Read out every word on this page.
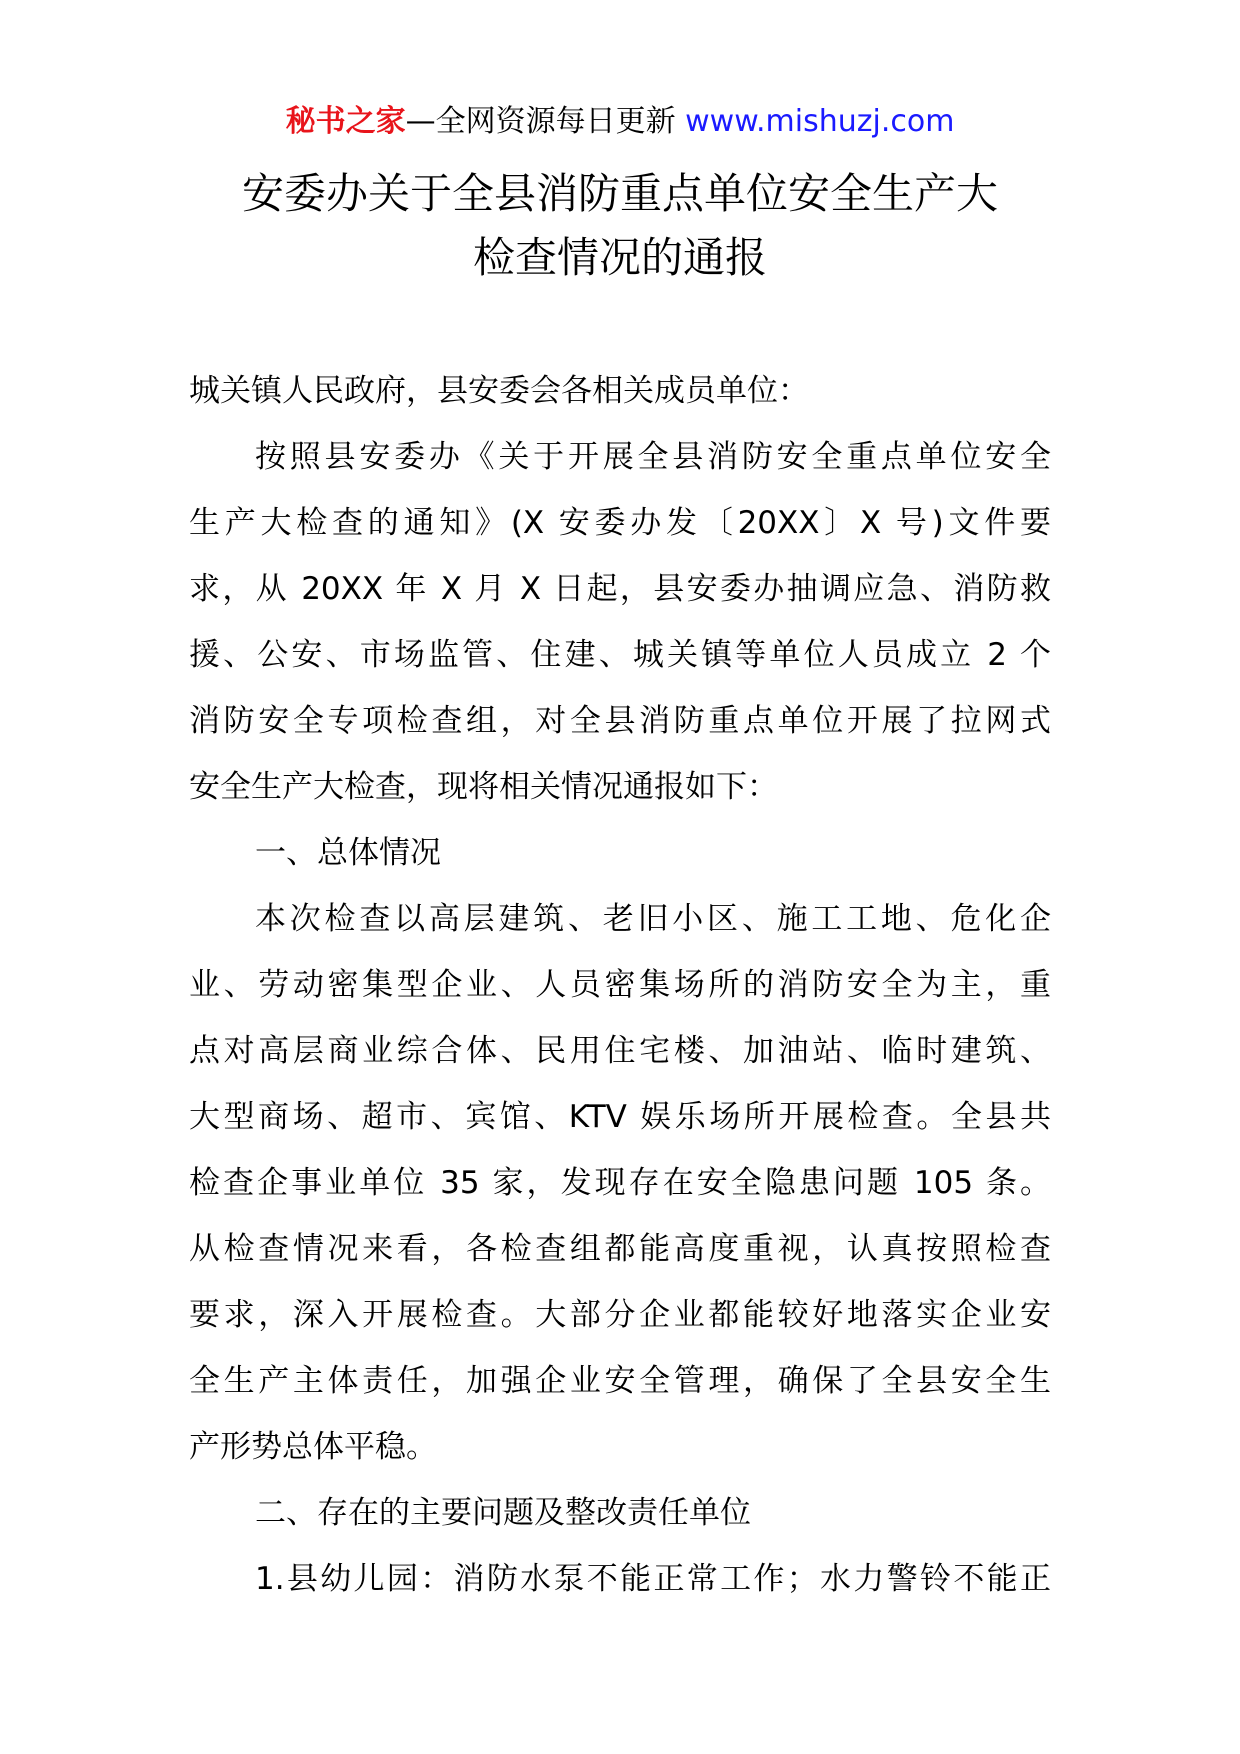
秘书之家—全网资源每日更新 www.mishuzj.com
安委办关于全县消防重点单位安全生产大
检查情况的通报
城关镇人民政府，县安委会各相关成员单位：
按照县安委办《关于开展全县消防安全重点单位安全
生产大检查的通知》(X 安委办发〔20XX〕X 号)文件要
求，从 20XX 年 X 月 X 日起，县安委办抽调应急、消防救
援、公安、市场监管、住建、城关镇等单位人员成立 2 个
消防安全专项检查组，对全县消防重点单位开展了拉网式
安全生产大检查，现将相关情况通报如下：
一、总体情况
本次检查以高层建筑、老旧小区、施工工地、危化企
业、劳动密集型企业、人员密集场所的消防安全为主，重
点对高层商业综合体、民用住宅楼、加油站、临时建筑、
大型商场、超市、宾馆、KTV 娱乐场所开展检查。全县共
检查企事业单位 35 家，发现存在安全隐患问题 105 条。
从检查情况来看，各检查组都能高度重视，认真按照检查
要求，深入开展检查。大部分企业都能较好地落实企业安
全生产主体责任，加强企业安全管理，确保了全县安全生
产形势总体平稳。
二、存在的主要问题及整改责任单位
1.县幼儿园：消防水泵不能正常工作；水力警铃不能正
